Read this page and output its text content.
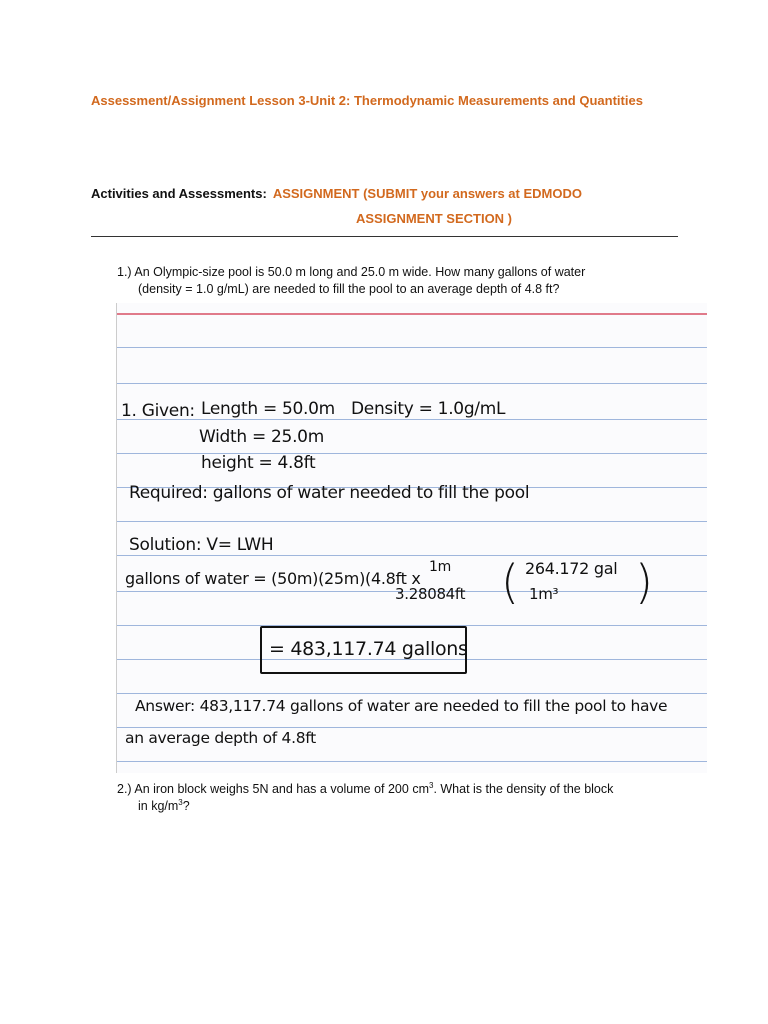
Assessment/Assignment Lesson 3-Unit 2: Thermodynamic Measurements and Quantities
Activities and Assessments: ASSIGNMENT (SUBMIT your answers at EDMODO
ASSIGNMENT SECTION )
1.) An Olympic-size pool is 50.0 m long and 25.0 m wide. How many gallons of water
(density = 1.0 g/mL) are needed to fill the pool to an average depth of 4.8 ft?
1. Given: Length = 50.0m Density = 1.0g/mL
Width = 25.0m
height = 4.8ft
Required: gallons of water needed to fill the pool
Solution: V= LWH
gallons of water = (50m)(25m)(4.8ft x
1m
3.28084ft
264.172 gal
1m³
(	)
= 483,117.74 gallons
Answer: 483,117.74 gallons of water are needed to fill the pool to have
an average depth of 4.8ft
2.) An iron block weighs 5N and has a volume of 200 $cm^3$. What is the density of the block
in $kg/m^3$?
